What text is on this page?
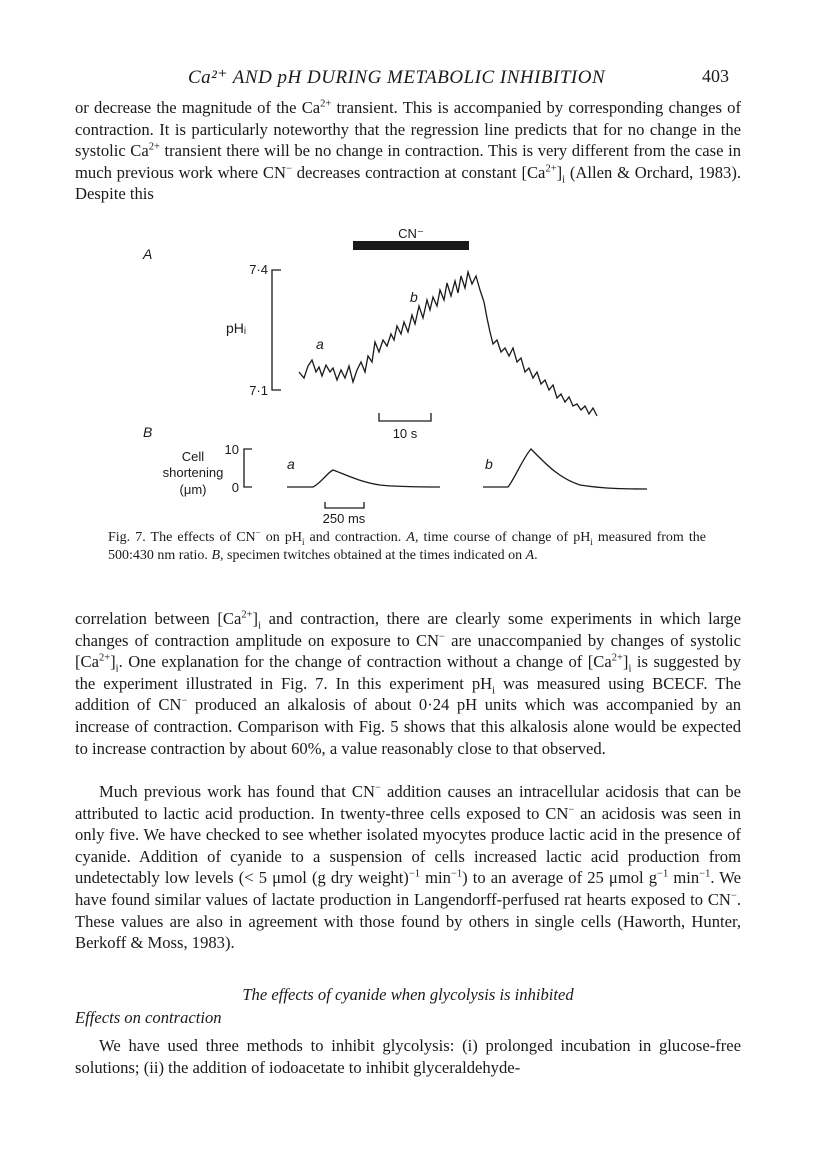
Ca²⁺ AND pH DURING METABOLIC INHIBITION	403

or decrease the magnitude of the $Ca^{2+}$ transient. This is accompanied by corresponding changes of contraction. It is particularly noteworthy that the regression line predicts that for no change in the systolic $Ca^{2+}$ transient there will be no change in contraction. This is very different from the case in much previous work where CN− decreases contraction at constant $[Ca^{2+}]_i$ (Allen & Orchard, 1983). Despite this

CN⁻
A
7·4
7·1
pHᵢ
a
b
10 s
B
Cell
shortening
(μm)
10
0
a	b
250 ms
Fig. 7. The effects of CN− on $pH_i$ and contraction. A, time course of change of $pH_i$ measured from the 500:430 nm ratio. B, specimen twitches obtained at the times indicated on A.

correlation between $[Ca^{2+}]_i$ and contraction, there are clearly some experiments in which large changes of contraction amplitude on exposure to CN− are unaccompanied by changes of systolic $[Ca^{2+}]_i$. One explanation for the change of contraction without a change of $[Ca^{2+}]_i$ is suggested by the experiment illustrated in Fig. 7. In this experiment $pH_i$ was measured using BCECF. The addition of CN− produced an alkalosis of about 0·24 pH units which was accompanied by an increase of contraction. Comparison with Fig. 5 shows that this alkalosis alone would be expected to increase contraction by about 60%, a value reasonably close to that observed.

Much previous work has found that CN− addition causes an intracellular acidosis that can be attributed to lactic acid production. In twenty-three cells exposed to CN− an acidosis was seen in only five. We have checked to see whether isolated myocytes produce lactic acid in the presence of cyanide. Addition of cyanide to a suspension of cells increased lactic acid production from undetectably low levels (< 5 μmol (g dry weight)$^{-1}$ $\min^{-1}$) to an average of 25 μmol $g^{-1}$ $\min^{-1}$. We have found similar values of lactate production in Langendorff-perfused rat hearts exposed to CN−. These values are also in agreement with those found by others in single cells (Haworth, Hunter, Berkoff & Moss, 1983).

The effects of cyanide when glycolysis is inhibited
Effects on contraction

We have used three methods to inhibit glycolysis: (i) prolonged incubation in glucose-free solutions; (ii) the addition of iodoacetate to inhibit glyceraldehyde-
